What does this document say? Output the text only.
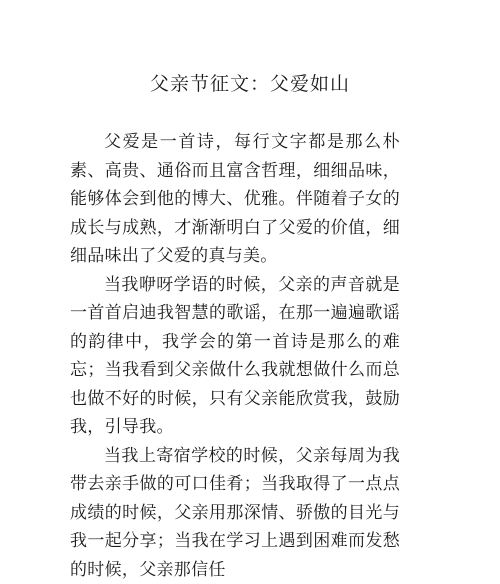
父亲节征文：父爱如山

父爱是一首诗，每行文字都是那么朴素、高贵、通俗而且富含哲理，细细品味，能够体会到他的博大、优雅。伴随着子女的成长与成熟，才渐渐明白了父爱的价值，细细品味出了父爱的真与美。

当我咿呀学语的时候，父亲的声音就是一首首启迪我智慧的歌谣，在那一遍遍歌谣的韵律中，我学会的第一首诗是那么的难忘；当我看到父亲做什么我就想做什么而总也做不好的时候，只有父亲能欣赏我，鼓励我，引导我。

当我上寄宿学校的时候，父亲每周为我带去亲手做的可口佳肴；当我取得了一点点成绩的时候，父亲用那深情、骄傲的目光与我一起分享；当我在学习上遇到困难而发愁的时候，父亲那信任
